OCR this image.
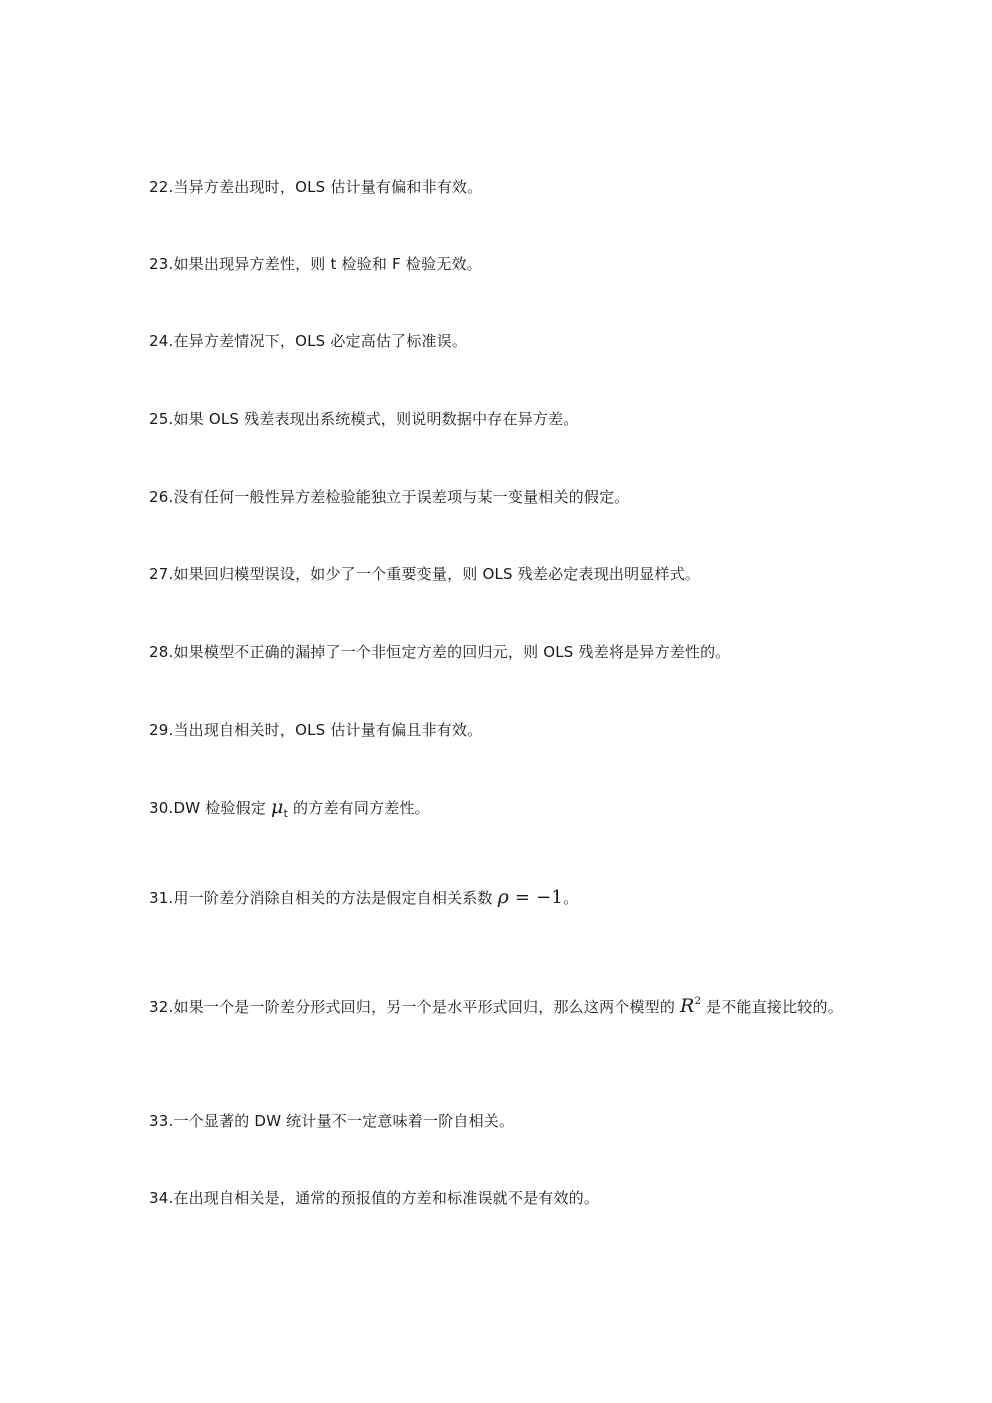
22.当异方差出现时，OLS 估计量有偏和非有效。
23.如果出现异方差性，则 t 检验和 F 检验无效。
24.在异方差情况下，OLS 必定高估了标准误。
25.如果 OLS 残差表现出系统模式，则说明数据中存在异方差。
26.没有任何一般性异方差检验能独立于误差项与某一变量相关的假定。
27.如果回归模型误设，如少了一个重要变量，则 OLS 残差必定表现出明显样式。
28.如果模型不正确的漏掉了一个非恒定方差的回归元，则 OLS 残差将是异方差性的。
29.当出现自相关时，OLS 估计量有偏且非有效。
30.DW 检验假定 $\mu_t$ 的方差有同方差性。
31.用一阶差分消除自相关的方法是假定自相关系数 ρ = −1。
32.如果一个是一阶差分形式回归，另一个是水平形式回归，那么这两个模型的 $R^2$ 是不能直接比较的。
33.一个显著的 DW 统计量不一定意味着一阶自相关。
34.在出现自相关是，通常的预报值的方差和标准误就不是有效的。
